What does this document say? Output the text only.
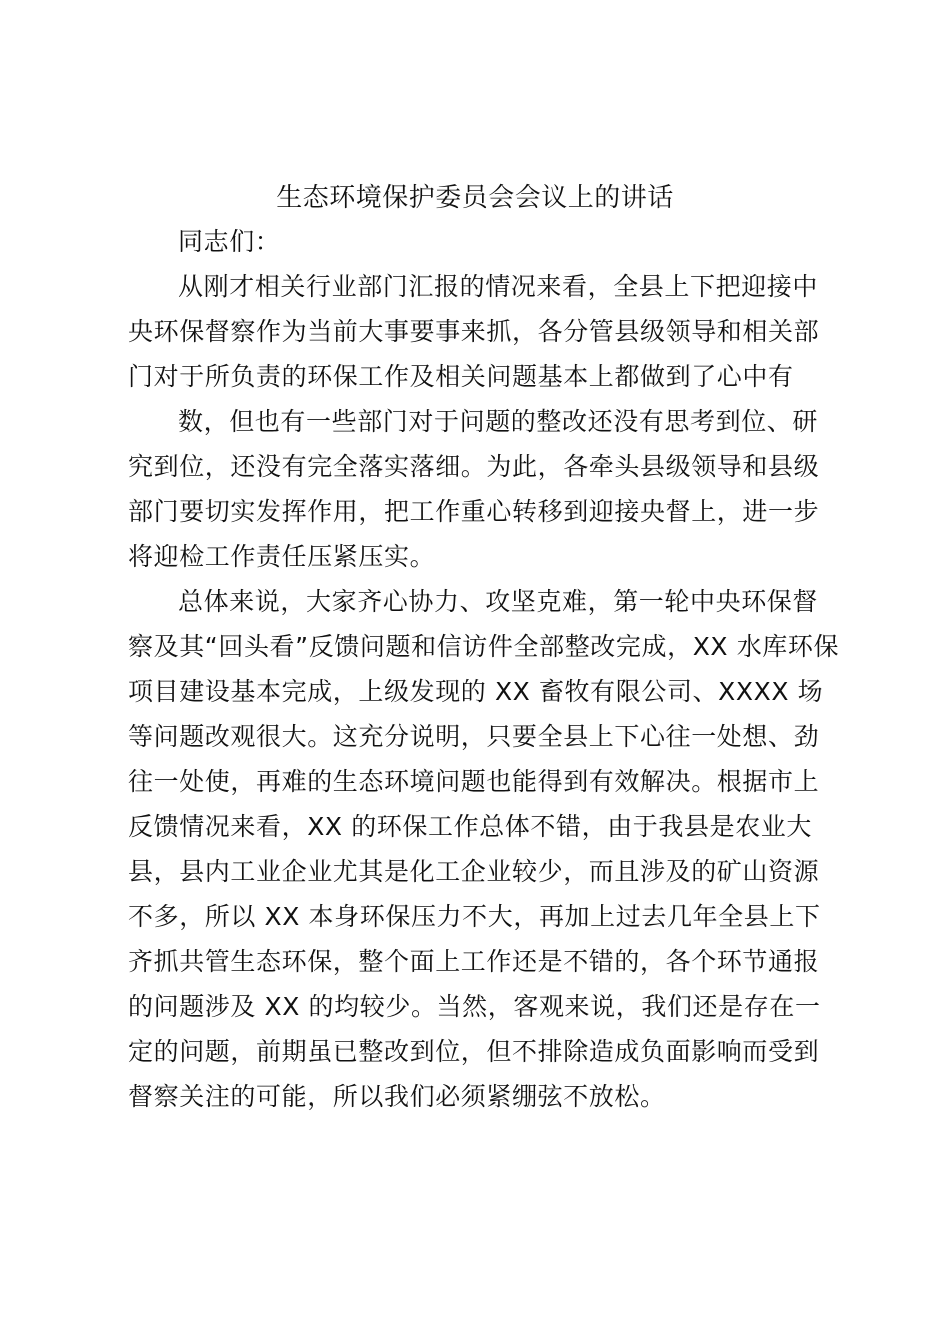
生态环境保护委员会会议上的讲话
同志们：
从刚才相关行业部门汇报的情况来看，全县上下把迎接中
央环保督察作为当前大事要事来抓，各分管县级领导和相关部
门对于所负责的环保工作及相关问题基本上都做到了心中有
数，但也有一些部门对于问题的整改还没有思考到位、研
究到位，还没有完全落实落细。为此，各牵头县级领导和县级
部门要切实发挥作用，把工作重心转移到迎接央督上，进一步
将迎检工作责任压紧压实。
总体来说，大家齐心协力、攻坚克难，第一轮中央环保督
察及其“回头看”反馈问题和信访件全部整改完成，XX 水库环保
项目建设基本完成，上级发现的 XX 畜牧有限公司、XXXX 场
等问题改观很大。这充分说明，只要全县上下心往一处想、劲
往一处使，再难的生态环境问题也能得到有效解决。根据市上
反馈情况来看，XX 的环保工作总体不错，由于我县是农业大
县，县内工业企业尤其是化工企业较少，而且涉及的矿山资源
不多，所以 XX 本身环保压力不大，再加上过去几年全县上下
齐抓共管生态环保，整个面上工作还是不错的，各个环节通报
的问题涉及 XX 的均较少。当然，客观来说，我们还是存在一
定的问题，前期虽已整改到位，但不排除造成负面影响而受到
督察关注的可能，所以我们必须紧绷弦不放松。
